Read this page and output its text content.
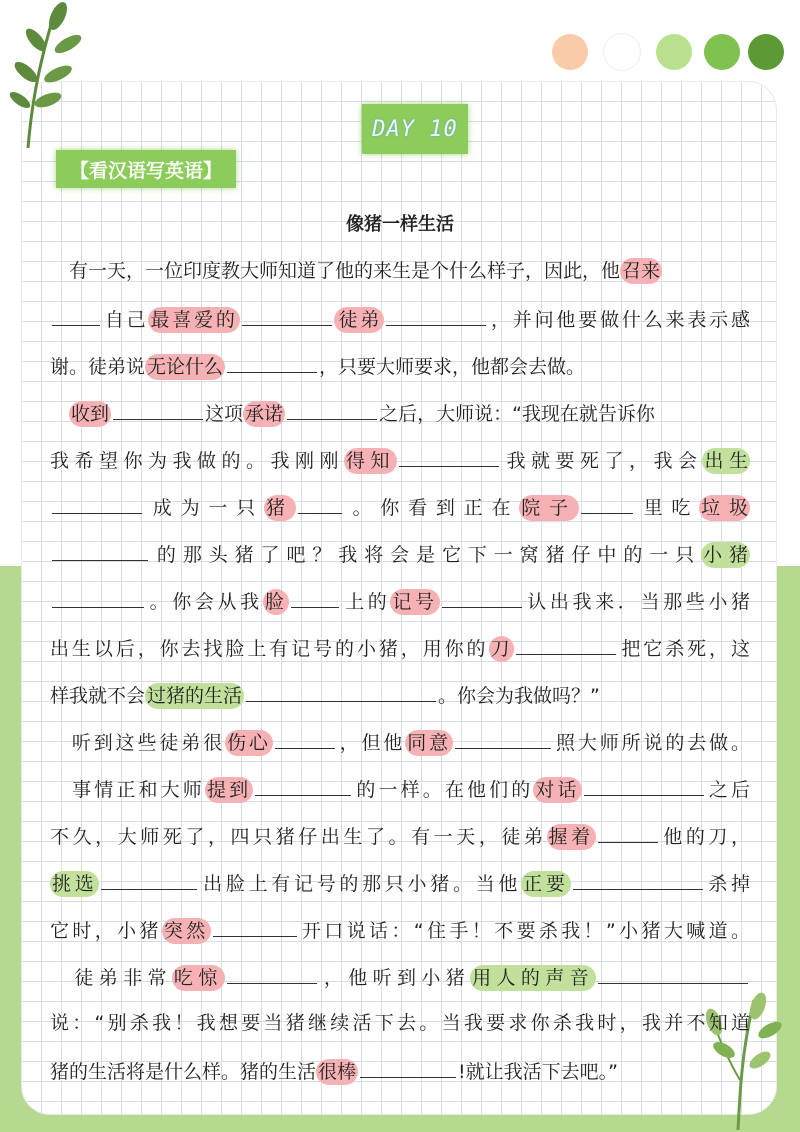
DAY 10
【看汉语写英语】
像猪一样生活
　有一天，一位印度教大师知道了他的来生是个什么样子，因此，他 召来
自己 最喜爱的	徒弟	，并问他要做什么来表示感
谢。徒弟说 无论什么	，只要大师要求，他都会去做。
　收到	这项 承诺	之后，大师说：“我现在就告诉你
我希望你为我做的。我刚刚 得知	我就要死了，我会 出生
成为一只 猪	。你看到正在 院子	里吃 垃圾
的那头猪了吧？我将会是它下一窝猪仔中的一只 小猪
。你会从我 脸	上的 记号	认出我来．当那些小猪
出生以后，你去找脸上有记号的小猪，用你的 刀	把它杀死，这
样我就不会 过猪的生活	。你会为我做吗？”
　听到这些徒弟很 伤心	，但他 同意	照大师所说的去做。
　事情正和大师 提到	的一样。在他们的 对话	之后
不久，大师死了，四只猪仔出生了。有一天，徒弟 握着	他的刀，
挑选	出脸上有记号的那只小猪。当他 正要	杀掉
它时，小猪 突然	开口说话：“住手！不要杀我！”小猪大喊道。
　徒弟非常 吃惊	，他听到小猪 用人的声音
说：“别杀我！我想要当猪继续活下去。当我要求你杀我时，我并不知道
猪的生活将是什么样。猪的生活 很棒	!就让我活下去吧。”
